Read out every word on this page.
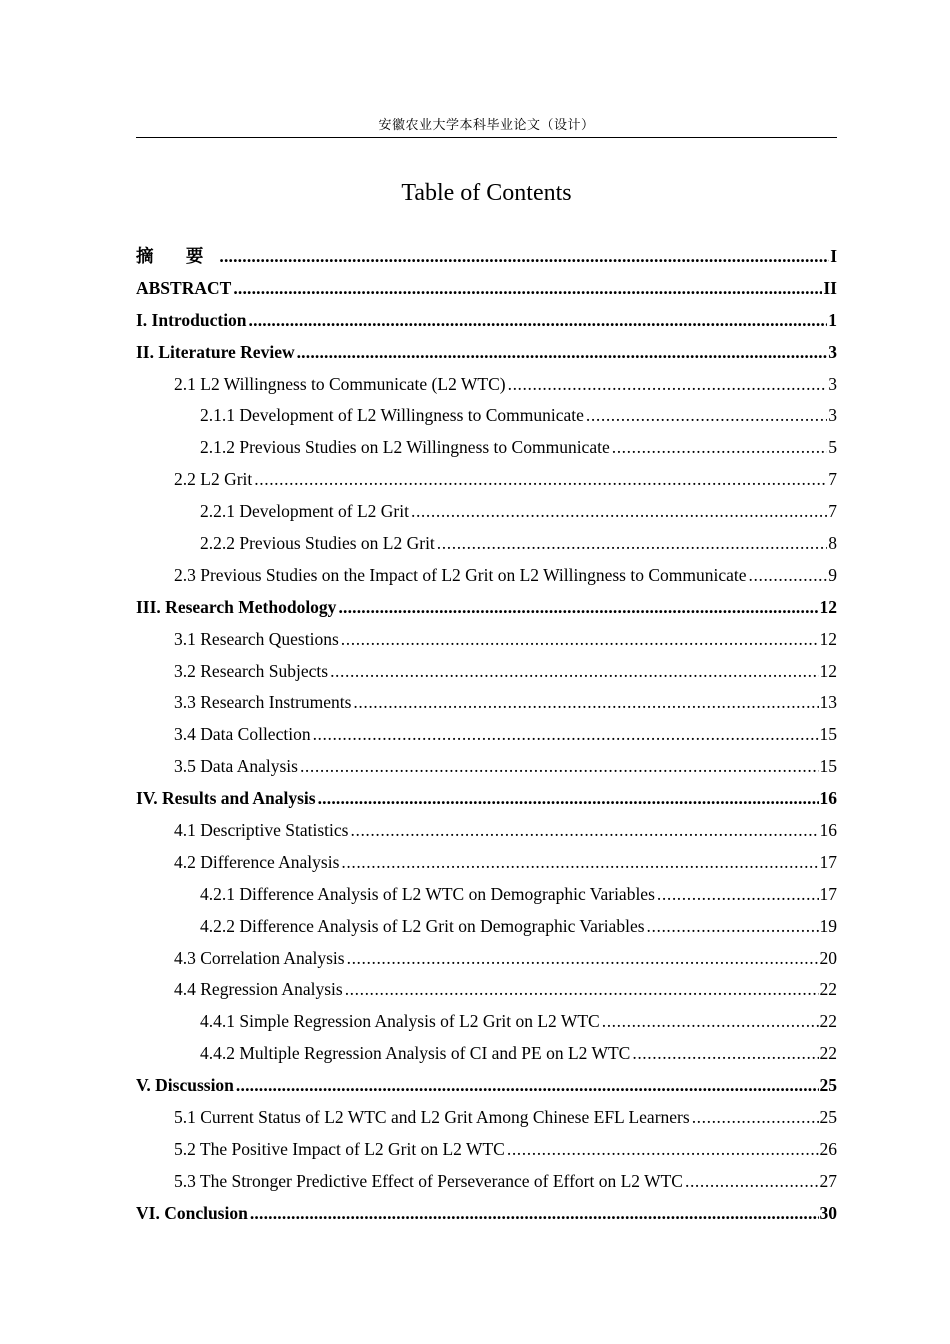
安徽农业大学本科毕业论文（设计）
Table of Contents
摘 要 .....	I
ABSTRACT .....	II
I. Introduction .....	1
II. Literature Review .....	3
2.1 L2 Willingness to Communicate (L2 WTC) .....	3
2.1.1 Development of L2 Willingness to Communicate .....	3
2.1.2 Previous Studies on L2 Willingness to Communicate .....	5
2.2 L2 Grit .....	7
2.2.1 Development of L2 Grit .....	7
2.2.2 Previous Studies on L2 Grit .....	8
2.3 Previous Studies on the Impact of L2 Grit on L2 Willingness to Communicate .....	9
III. Research Methodology .....	12
3.1 Research Questions .....	12
3.2 Research Subjects .....	12
3.3 Research Instruments .....	13
3.4 Data Collection .....	15
3.5 Data Analysis .....	15
IV. Results and Analysis .....	16
4.1 Descriptive Statistics .....	16
4.2 Difference Analysis .....	17
4.2.1 Difference Analysis of L2 WTC on Demographic Variables .....	17
4.2.2 Difference Analysis of L2 Grit on Demographic Variables .....	19
4.3 Correlation Analysis .....	20
4.4 Regression Analysis .....	22
4.4.1 Simple Regression Analysis of L2 Grit on L2 WTC .....	22
4.4.2 Multiple Regression Analysis of CI and PE on L2 WTC .....	22
V. Discussion .....	25
5.1 Current Status of L2 WTC and L2 Grit Among Chinese EFL Learners .....	25
5.2 The Positive Impact of L2 Grit on L2 WTC .....	26
5.3 The Stronger Predictive Effect of Perseverance of Effort on L2 WTC .....	27
VI. Conclusion .....	30
